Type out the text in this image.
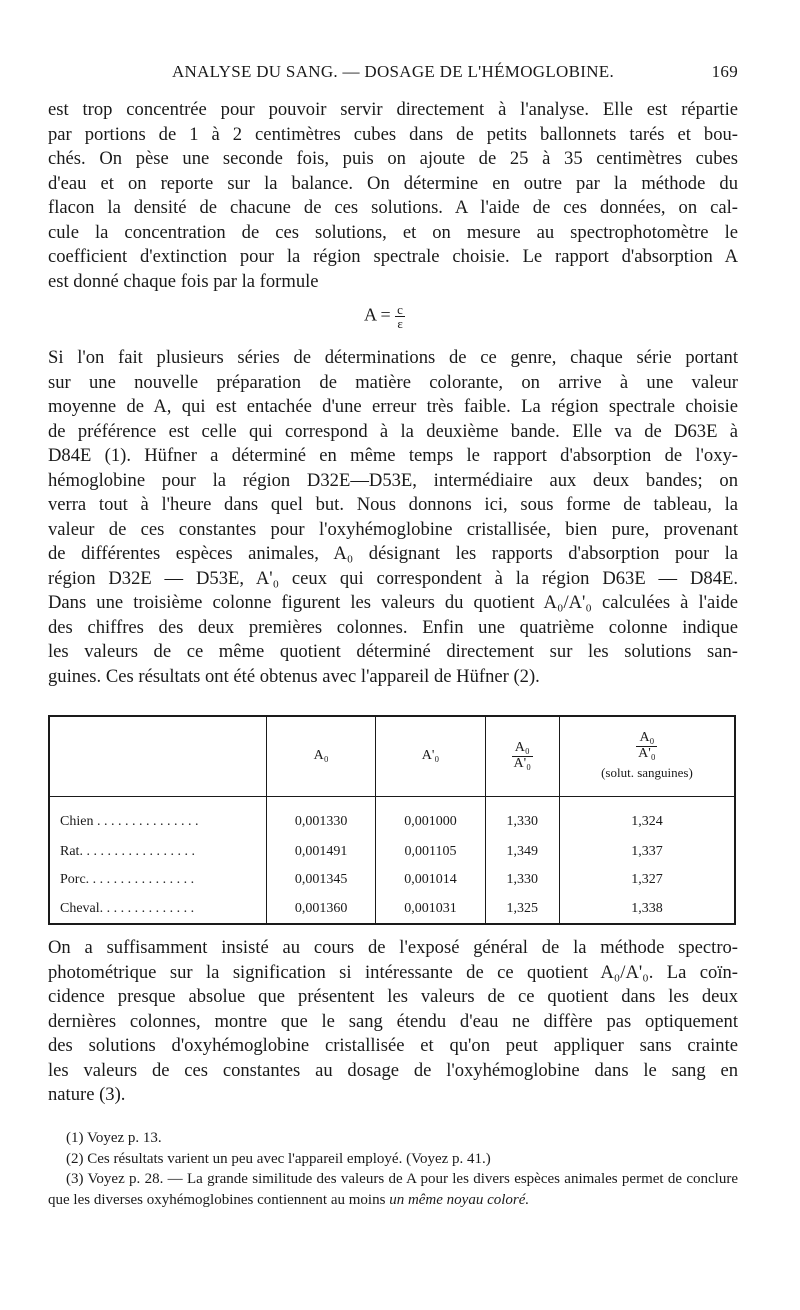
ANALYSE DU SANG. — DOSAGE DE L'HÉMOGLOBINE.	169
est trop concentrée pour pouvoir servir directement à l'analyse. Elle est répartie
par portions de 1 à 2 centimètres cubes dans de petits ballonnets tarés et bou-
chés. On pèse une seconde fois, puis on ajoute de 25 à 35 centimètres cubes
d'eau et on reporte sur la balance. On détermine en outre par la méthode du
flacon la densité de chacune de ces solutions. A l'aide de ces données, on cal-
cule la concentration de ces solutions, et on mesure au spectrophotomètre le
coefficient d'extinction pour la région spectrale choisie. Le rapport d'absorption A
est donné chaque fois par la formule
$A = \frac{c}{\varepsilon}$
Si l'on fait plusieurs séries de déterminations de ce genre, chaque série portant
sur une nouvelle préparation de matière colorante, on arrive à une valeur
moyenne de A, qui est entachée d'une erreur très faible. La région spectrale choisie
de préférence est celle qui correspond à la deuxième bande. Elle va de D63E à
D84E (1). Hüfner a déterminé en même temps le rapport d'absorption de l'oxy-
hémoglobine pour la région D32E—D53E, intermédiaire aux deux bandes; on
verra tout à l'heure dans quel but. Nous donnons ici, sous forme de tableau, la
valeur de ces constantes pour l'oxyhémoglobine cristallisée, bien pure, provenant
de différentes espèces animales, A₀ désignant les rapports d'absorption pour la
région D32E — D53E, A'₀ ceux qui correspondent à la région D63E — D84E.
Dans une troisième colonne figurent les valeurs du quotient A₀/A'₀ calculées à l'aide
des chiffres des deux premières colonnes. Enfin une quatrième colonne indique
les valeurs de ce même quotient déterminé directement sur les solutions san-
guines. Ces résultats ont été obtenus avec l'appareil de Hüfner (2).
	A₀	A'₀	$\frac{\text{A₀}}{\text{A'₀}}$	$\frac{\text{A₀}}{\text{A'₀}}$
(solut. sanguines)

Chien . . . . . . . . . . . . . . .	0,001330	0,001000	1,330	1,324
Rat. . . . . . . . . . . . . . . . .	0,001491	0,001105	1,349	1,337
Porc. . . . . . . . . . . . . . . .	0,001345	0,001014	1,330	1,327
Cheval. . . . . . . . . . . . . .	0,001360	0,001031	1,325	1,338
On a suffisamment insisté au cours de l'exposé général de la méthode spectro-
photométrique sur la signification si intéressante de ce quotient A₀/A'₀. La coïn-
cidence presque absolue que présentent les valeurs de ce quotient dans les deux
dernières colonnes, montre que le sang étendu d'eau ne diffère pas optiquement
des solutions d'oxyhémoglobine cristallisée et qu'on peut appliquer sans crainte
les valeurs de ces constantes au dosage de l'oxyhémoglobine dans le sang en
nature (3).
(1) Voyez p. 13.
(2) Ces résultats varient un peu avec l'appareil employé. (Voyez p. 41.)
(3) Voyez p. 28. — La grande similitude des valeurs de A pour les divers espèces animales permet de conclure que les diverses oxyhémoglobines contiennent au moins un même noyau coloré.
